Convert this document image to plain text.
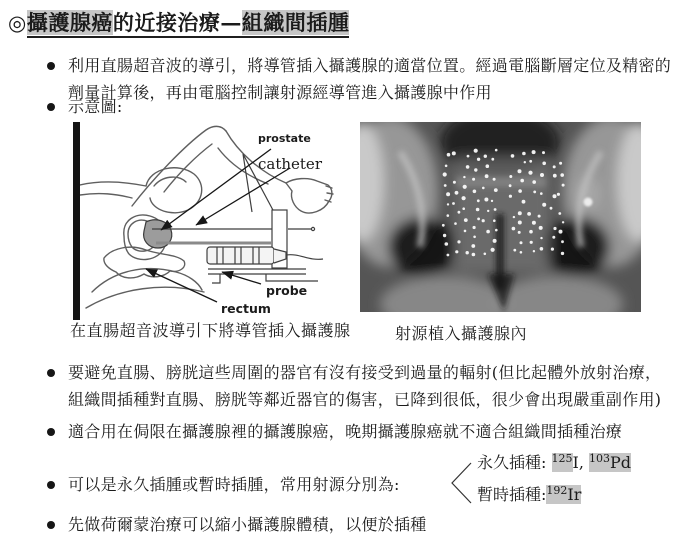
◎攝護腺癌的近接治療—組織間插腫
利用直腸超音波的導引，將導管插入攝護腺的適當位置。經過電腦斷層定位及精密的劑量計算後，再由電腦控制讓射源經導管進入攝護腺中作用
示意圖:
prostate
catheter
probe
rectum
在直腸超音波導引下將導管插入攝護腺	射源植入攝護腺內
要避免直腸、膀胱這些周圍的器官有沒有接受到過量的輻射(但比起體外放射治療，組織間插種對直腸、膀胱等鄰近器官的傷害，已降到很低，很少會出現嚴重副作用)
適合用在侷限在攝護腺裡的攝護腺癌，晚期攝護腺癌就不適合組織間插種治療
可以是永久插腫或暫時插腫，常用射源分別為:
永久插種: $^{125}$I, $^{103}$Pd
暫時插種:$^{192}$Ir
先做荷爾蒙治療可以縮小攝護腺體積，以便於插種
